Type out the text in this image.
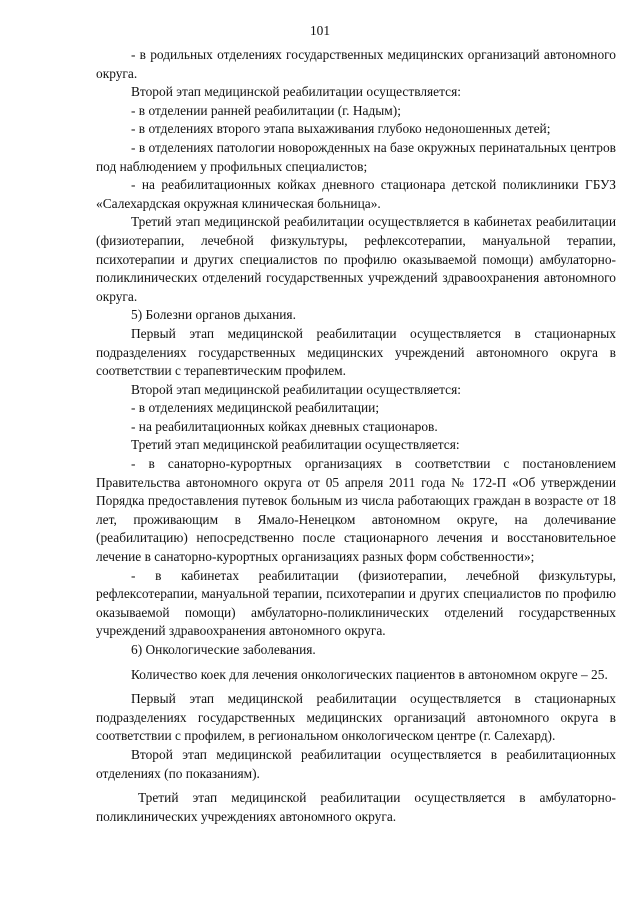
101

- в родильных отделениях государственных медицинских организаций автономного округа.

Второй этап медицинской реабилитации осуществляется:

- в отделении ранней реабилитации (г. Надым);

- в отделениях второго этапа выхаживания глубоко недоношенных детей;

- в отделениях патологии новорожденных на базе окружных перинатальных центров под наблюдением у профильных специалистов;

- на реабилитационных койках дневного стационара детской поликлиники ГБУЗ «Салехардская окружная клиническая больница».

Третий этап медицинской реабилитации осуществляется в кабинетах реабилитации (физиотерапии, лечебной физкультуры, рефлексотерапии, мануальной терапии, психотерапии и других специалистов по профилю оказываемой помощи) амбулаторно-поликлинических отделений государственных учреждений здравоохранения автономного округа.

5) Болезни органов дыхания.

Первый этап медицинской реабилитации осуществляется в стационарных подразделениях государственных медицинских учреждений автономного округа в соответствии с терапевтическим профилем.

Второй этап медицинской реабилитации осуществляется:

- в отделениях медицинской реабилитации;

- на реабилитационных койках дневных стационаров.

Третий этап медицинской реабилитации осуществляется:

- в санаторно-курортных организациях в соответствии с постановлением Правительства автономного округа от 05 апреля 2011 года № 172-П «Об утверждении Порядка предоставления путевок больным из числа работающих граждан в возрасте от 18 лет, проживающим в Ямало-Ненецком автономном округе, на долечивание (реабилитацию) непосредственно после стационарного лечения и восстановительное лечение в санаторно-курортных организациях разных форм собственности»;

- в кабинетах реабилитации (физиотерапии, лечебной физкультуры, рефлексотерапии, мануальной терапии, психотерапии и других специалистов по профилю оказываемой помощи) амбулаторно-поликлинических отделений государственных учреждений здравоохранения автономного округа.

6) Онкологические заболевания.

Количество коек для лечения онкологических пациентов в автономном округе – 25.

Первый этап медицинской реабилитации осуществляется в стационарных подразделениях государственных медицинских организаций автономного округа в соответствии с профилем, в региональном онкологическом центре (г. Салехард).

Второй этап медицинской реабилитации осуществляется в реабилитационных отделениях (по показаниям).

Третий этап медицинской реабилитации осуществляется в амбулаторно-поликлинических учреждениях автономного округа.
